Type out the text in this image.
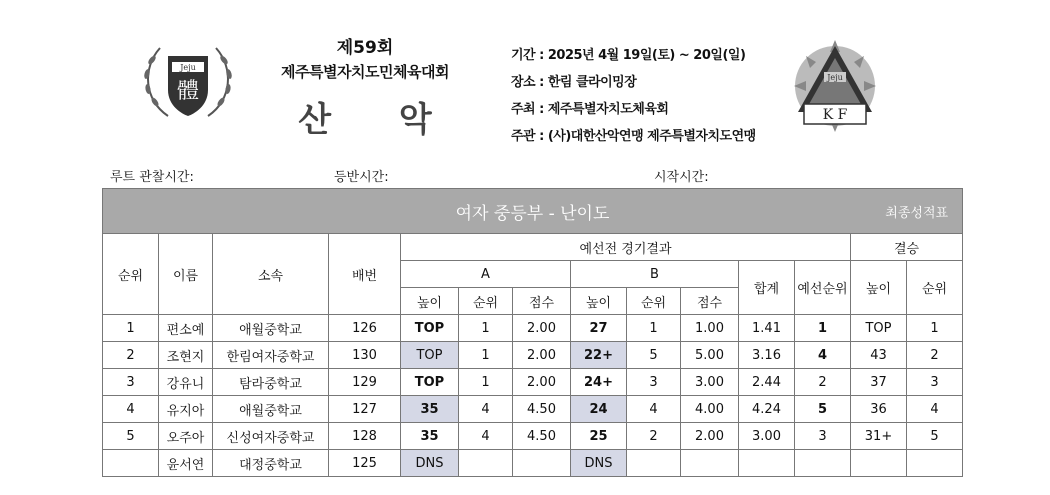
Jeju
體
제59회
제주특별자치도민체육대회
산 악
기간 : 2025년 4월 19일(토) ~ 20일(일)
장소 : 한림 클라이밍장
주최 : 제주특별자치도체육회
주관 : (사)대한산악연맹 제주특별자치도연맹
Jeju
K F
루트 관찰시간:	등반시간:	시작시간:
여자 중등부 - 난이도 최종성적표													

순위	이름	소속	배번	예선전 경기결과								결승	
				A			B			합계	예선순위	높이	순위
				높이	순위	점수	높이	순위	점수				
1	편소예	애월중학교	126	TOP	1	2.00	27	1	1.00	1.41	1	TOP	1
2	조현지	한림여자중학교	130	TOP	1	2.00	22+	5	5.00	3.16	4	43	2
3	강유니	탐라중학교	129	TOP	1	2.00	24+	3	3.00	2.44	2	37	3
4	유지아	애월중학교	127	35	4	4.50	24	4	4.00	4.24	5	36	4
5	오주아	신성여자중학교	128	35	4	4.50	25	2	2.00	3.00	3	31+	5
	윤서연	대정중학교	125	DNS			DNS						
